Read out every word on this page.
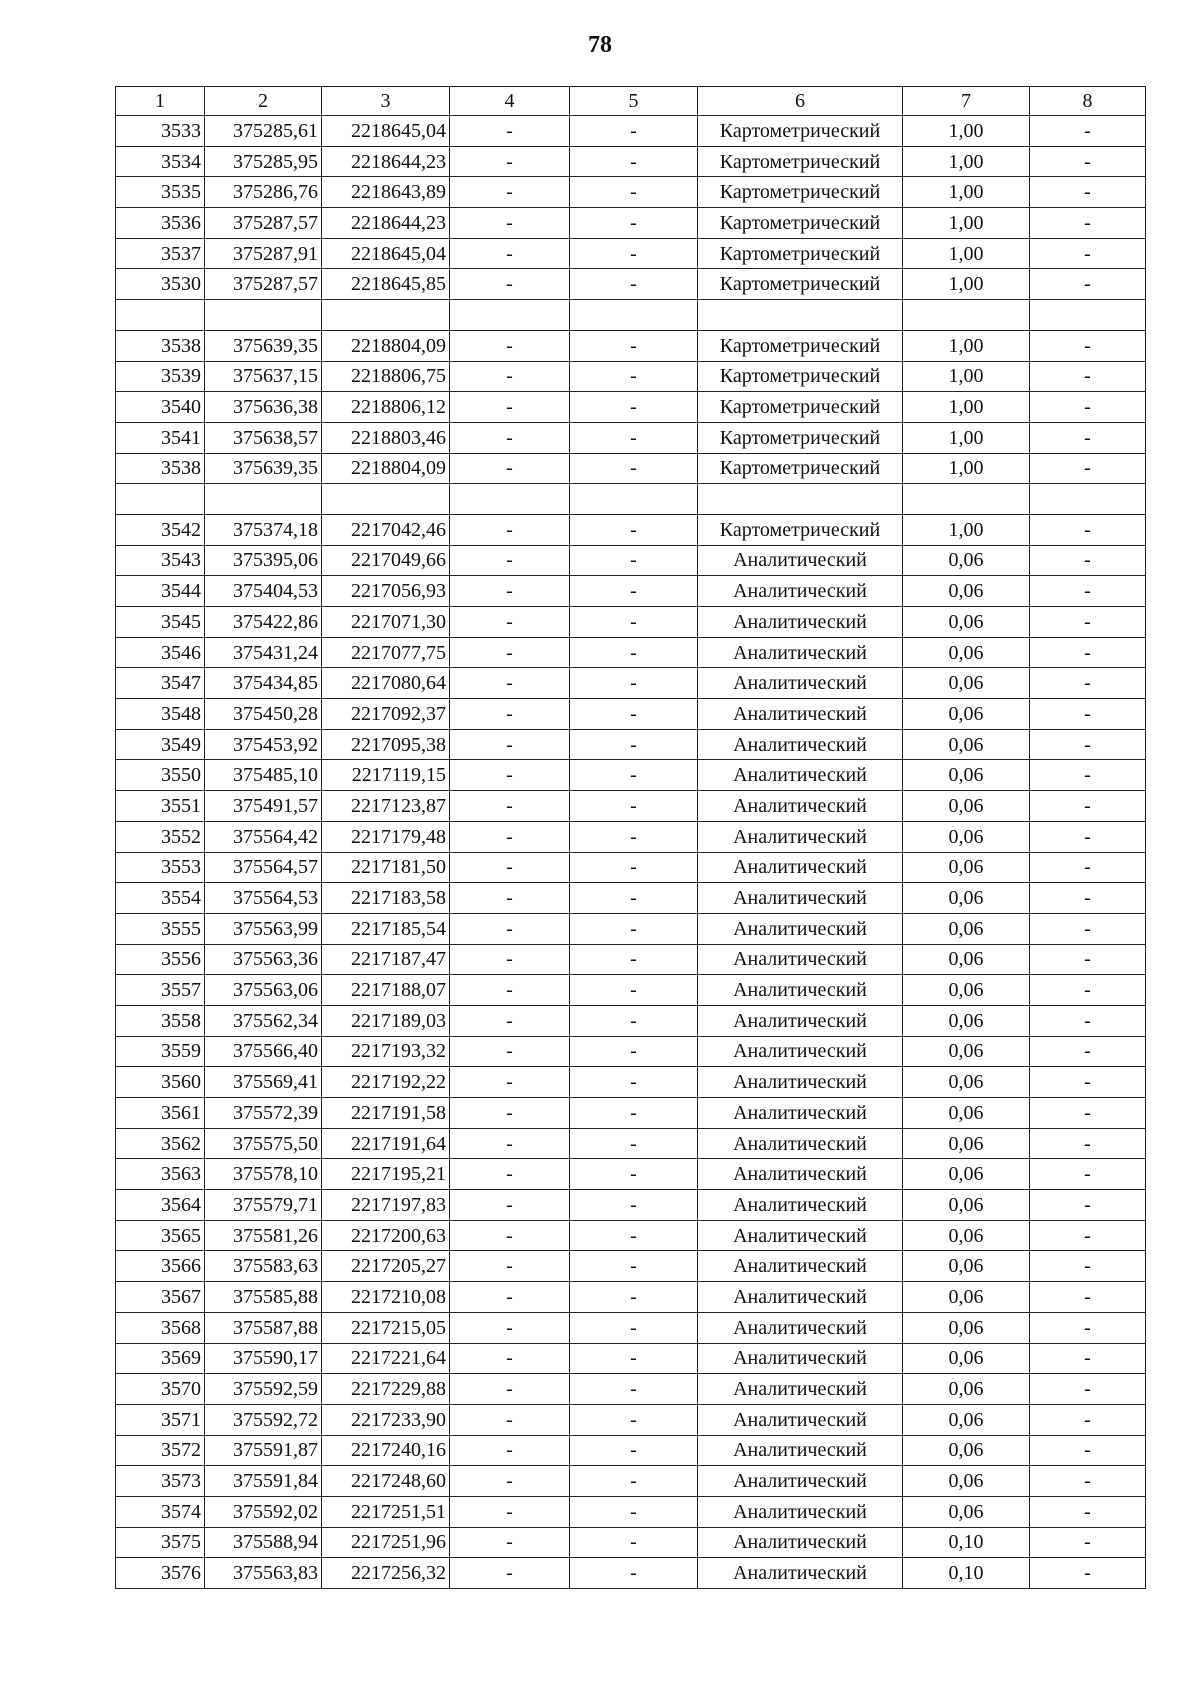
78
1	2	3	4	5	6	7	8
3533	375285,61	2218645,04	-	-	Картометрический	1,00	-
3534	375285,95	2218644,23	-	-	Картометрический	1,00	-
3535	375286,76	2218643,89	-	-	Картометрический	1,00	-
3536	375287,57	2218644,23	-	-	Картометрический	1,00	-
3537	375287,91	2218645,04	-	-	Картометрический	1,00	-
3530	375287,57	2218645,85	-	-	Картометрический	1,00	-

3538	375639,35	2218804,09	-	-	Картометрический	1,00	-
3539	375637,15	2218806,75	-	-	Картометрический	1,00	-
3540	375636,38	2218806,12	-	-	Картометрический	1,00	-
3541	375638,57	2218803,46	-	-	Картометрический	1,00	-
3538	375639,35	2218804,09	-	-	Картометрический	1,00	-

3542	375374,18	2217042,46	-	-	Картометрический	1,00	-
3543	375395,06	2217049,66	-	-	Аналитический	0,06	-
3544	375404,53	2217056,93	-	-	Аналитический	0,06	-
3545	375422,86	2217071,30	-	-	Аналитический	0,06	-
3546	375431,24	2217077,75	-	-	Аналитический	0,06	-
3547	375434,85	2217080,64	-	-	Аналитический	0,06	-
3548	375450,28	2217092,37	-	-	Аналитический	0,06	-
3549	375453,92	2217095,38	-	-	Аналитический	0,06	-
3550	375485,10	2217119,15	-	-	Аналитический	0,06	-
3551	375491,57	2217123,87	-	-	Аналитический	0,06	-
3552	375564,42	2217179,48	-	-	Аналитический	0,06	-
3553	375564,57	2217181,50	-	-	Аналитический	0,06	-
3554	375564,53	2217183,58	-	-	Аналитический	0,06	-
3555	375563,99	2217185,54	-	-	Аналитический	0,06	-
3556	375563,36	2217187,47	-	-	Аналитический	0,06	-
3557	375563,06	2217188,07	-	-	Аналитический	0,06	-
3558	375562,34	2217189,03	-	-	Аналитический	0,06	-
3559	375566,40	2217193,32	-	-	Аналитический	0,06	-
3560	375569,41	2217192,22	-	-	Аналитический	0,06	-
3561	375572,39	2217191,58	-	-	Аналитический	0,06	-
3562	375575,50	2217191,64	-	-	Аналитический	0,06	-
3563	375578,10	2217195,21	-	-	Аналитический	0,06	-
3564	375579,71	2217197,83	-	-	Аналитический	0,06	-
3565	375581,26	2217200,63	-	-	Аналитический	0,06	-
3566	375583,63	2217205,27	-	-	Аналитический	0,06	-
3567	375585,88	2217210,08	-	-	Аналитический	0,06	-
3568	375587,88	2217215,05	-	-	Аналитический	0,06	-
3569	375590,17	2217221,64	-	-	Аналитический	0,06	-
3570	375592,59	2217229,88	-	-	Аналитический	0,06	-
3571	375592,72	2217233,90	-	-	Аналитический	0,06	-
3572	375591,87	2217240,16	-	-	Аналитический	0,06	-
3573	375591,84	2217248,60	-	-	Аналитический	0,06	-
3574	375592,02	2217251,51	-	-	Аналитический	0,06	-
3575	375588,94	2217251,96	-	-	Аналитический	0,10	-
3576	375563,83	2217256,32	-	-	Аналитический	0,10	-
